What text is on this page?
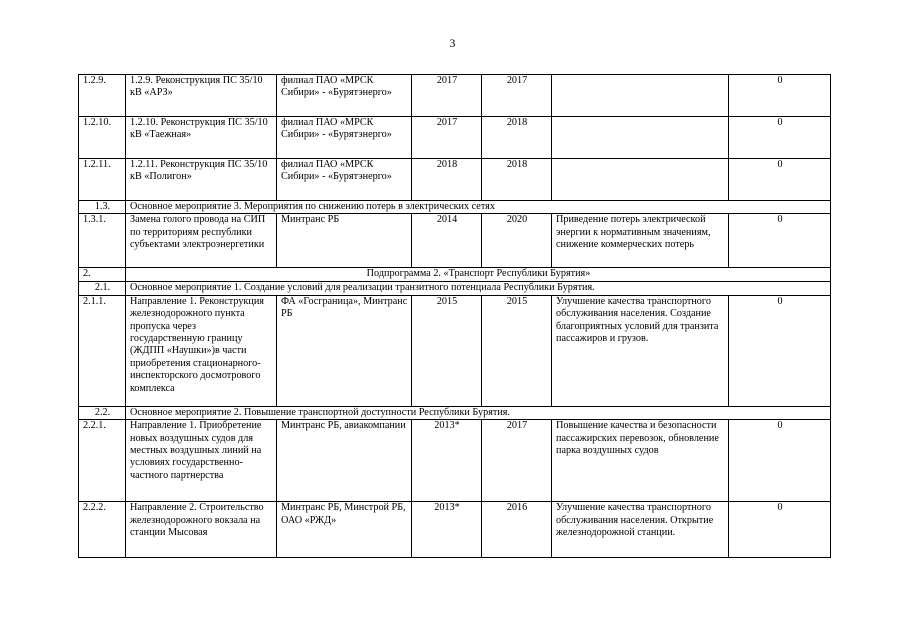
3
1.2.9.	1.2.9. Реконструкция ПС 35/10 кВ «АРЗ»	филиал ПАО «МРСК Сибири» - «Бурятэнерго»	2017	2017		0
1.2.10.	1.2.10. Реконструкция ПС 35/10 кВ «Таежная»	филиал ПАО «МРСК Сибири» - «Бурятэнерго»	2017	2018		0
1.2.11.	1.2.11. Реконструкция ПС 35/10 кВ «Полигон»	филиал ПАО «МРСК Сибири» - «Бурятэнерго»	2018	2018		0
1.3.	Основное мероприятие 3. Мероприятия по снижению потерь в электрических сетях					
1.3.1.	Замена голого провода на СИП по территориям республики субъектами электроэнергетики	Минтранс РБ	2014	2020	Приведение потерь электрической энергии к нормативным значениям, снижение коммерческих потерь	0
2.	Подпрограмма 2. «Транспорт Республики Бурятия»					
2.1.	Основное мероприятие 1. Создание условий для реализации транзитного потенциала Республики Бурятия.					
2.1.1.	Направление 1. Реконструкция железнодорожного пункта пропуска через государственную границу (ЖДПП «Наушки»)в части приобретения стационарного-инспекторского досмотрового комплекса	ФА «Госграница», Минтранс РБ	2015	2015	Улучшение качества транспортного обслуживания населения. Создание благоприятных условий для транзита пассажиров и грузов.	0
2.2.	Основное мероприятие 2. Повышение транспортной доступности Республики Бурятия.					
2.2.1.	Направление 1. Приобретение новых воздушных судов для местных воздушных линий на условиях государственно-частного партнерства	Минтранс РБ, авиакомпании	2013*	2017	Повышение качества и безопасности пассажирских перевозок, обновление парка воздушных судов	0
2.2.2.	Направление 2. Строительство железнодорожного вокзала на станции Мысовая	Минтранс РБ, Минстрой РБ, ОАО «РЖД»	2013*	2016	Улучшение качества транспортного обслуживания населения. Открытие железнодорожной станции.	0
